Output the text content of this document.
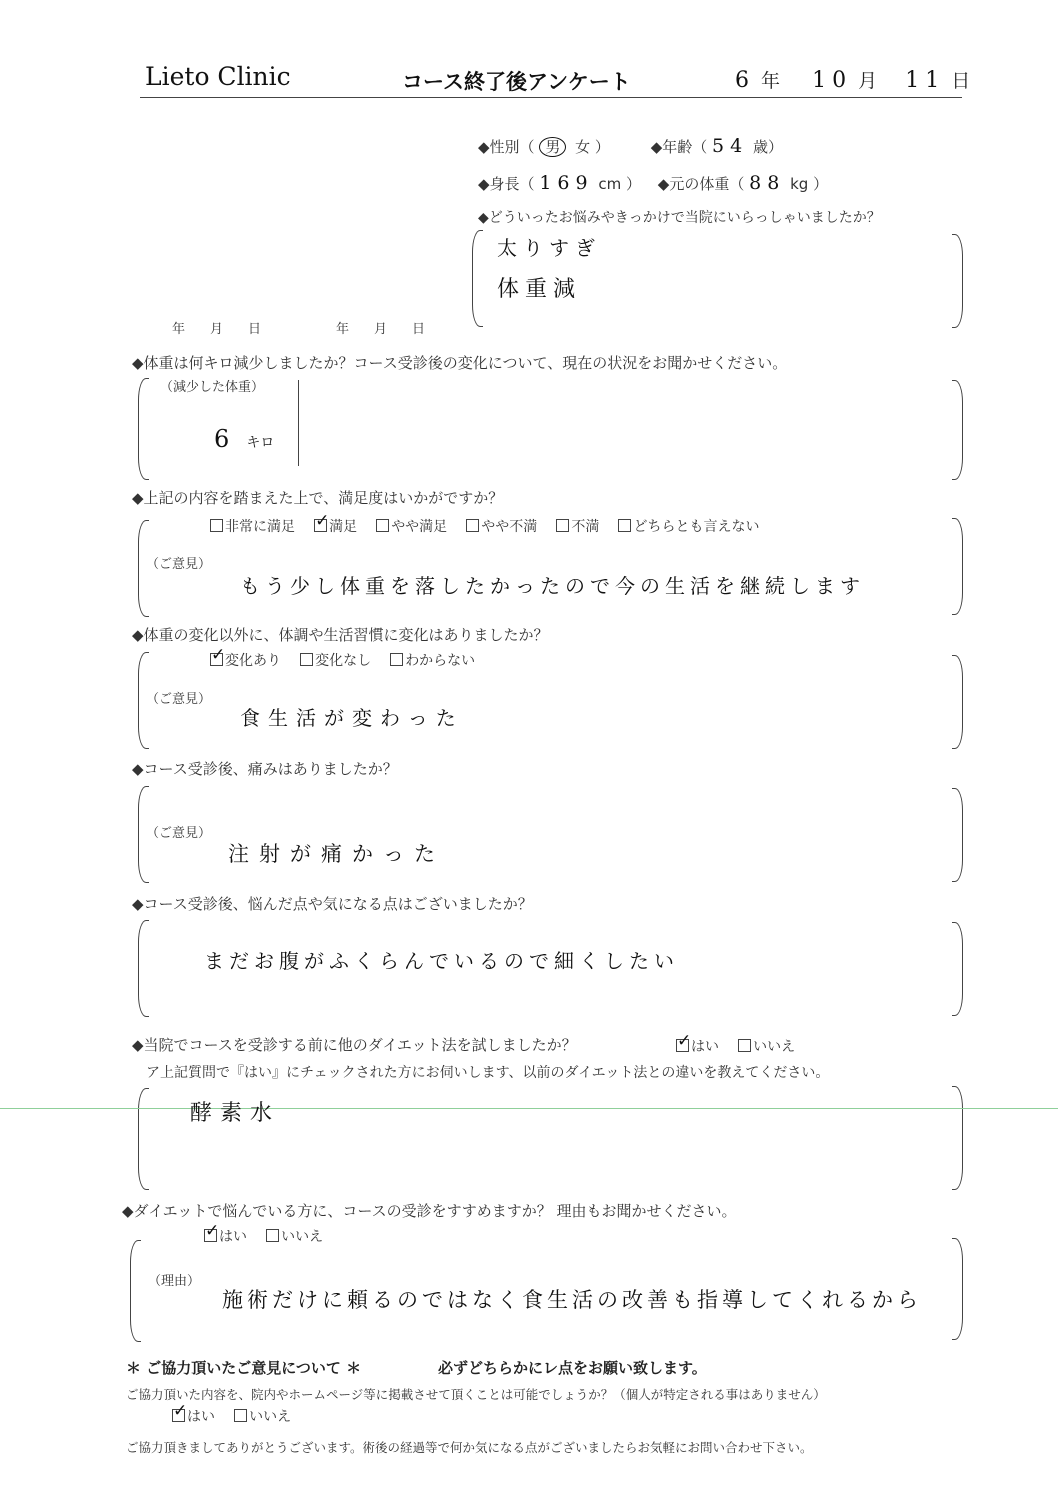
Lieto Clinic	コース終了後アンケート	6 年 10 月 11 日
年　月　日	年　月　日
◆性別（ 男 女 ）	◆年齢（ 54 歳）
◆身長（ 169 cm ） ◆元の体重（ 88 kg ）
◆どういったお悩みやきっかけで当院にいらっしゃいましたか？
太りすぎ
体重減
◆体重は何キロ減少しましたか？コース受診後の変化について、現在の状況をお聞かせください。
（減少した体重）
6 キロ
◆上記の内容を踏まえた上で、満足度はいかがですか？
非常に満足 ✓ 満足 やや満足 やや不満 不満 どちらとも言えない
（ご意見）
もう少し体重を落したかったので今の生活を継続します
◆体重の変化以外に、体調や生活習慣に変化はありましたか？
✓変化あり 変化なし わからない
（ご意見）
食生活が変わった
◆コース受診後、痛みはありましたか？
（ご意見）
注射が痛かった
◆コース受診後、悩んだ点や気になる点はございましたか？
まだお腹がふくらんでいるので細くしたい
◆当院でコースを受診する前に他のダイエット法を試しましたか？ ✓	はい いいえ
ア上記質問で『はい』にチェックされた方にお伺いします、以前のダイエット法との違いを教えてください。
酵素水
◆ダイエットで悩んでいる方に、コースの受診をすすめますか？ 理由もお聞かせください。
✓はい いいえ
（理由）
施術だけに頼るのではなく食生活の改善も指導してくれるから
＊ ご協力頂いたご意見について ＊	必ずどちらかにレ点をお願い致します。
ご協力頂いた内容を、院内やホームページ等に掲載させて頂くことは可能でしょうか？（個人が特定される事はありません）
✓はい いいえ
ご協力頂きましてありがとうございます。術後の経過等で何か気になる点がございましたらお気軽にお問い合わせ下さい。
